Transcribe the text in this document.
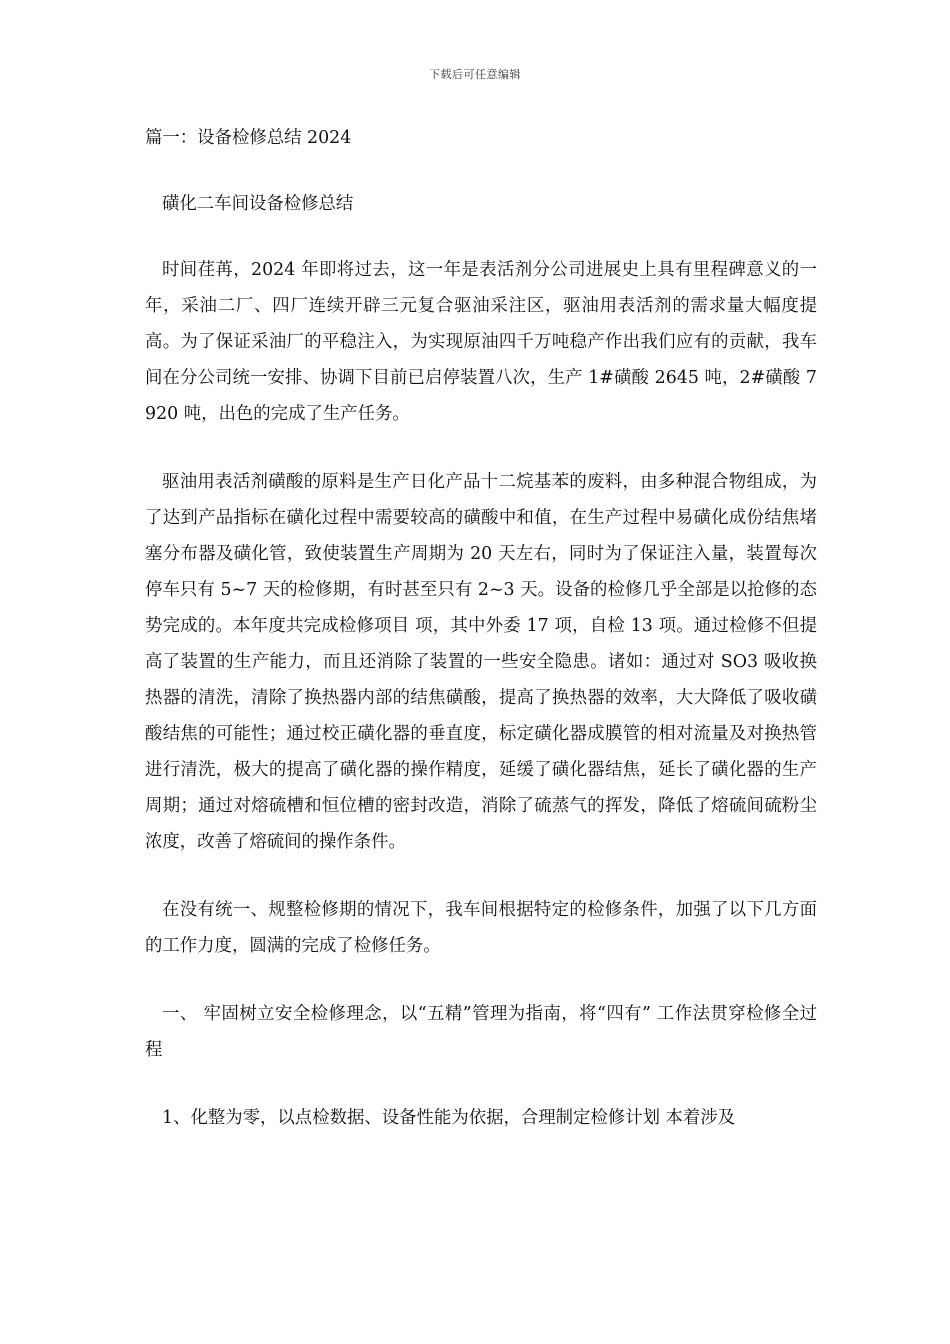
下载后可任意编辑

篇一：设备检修总结 2024

磺化二车间设备检修总结

时间荏苒，2024 年即将过去，这一年是表活剂分公司进展史上具有里程碑意义的一年，采油二厂、四厂连续开辟三元复合驱油采注区，驱油用表活剂的需求量大幅度提高。为了保证采油厂的平稳注入，为实现原油四千万吨稳产作出我们应有的贡献，我车间在分公司统一安排、协调下目前已启停装置八次，生产 1#磺酸 2645 吨，2#磺酸 7920 吨，出色的完成了生产任务。

驱油用表活剂磺酸的原料是生产日化产品十二烷基苯的废料，由多种混合物组成，为了达到产品指标在磺化过程中需要较高的磺酸中和值，在生产过程中易磺化成份结焦堵塞分布器及磺化管，致使装置生产周期为 20 天左右，同时为了保证注入量，装置每次停车只有 5~7 天的检修期，有时甚至只有 2~3 天。设备的检修几乎全部是以抢修的态势完成的。本年度共完成检修项目 项，其中外委 17 项，自检 13 项。通过检修不但提高了装置的生产能力，而且还消除了装置的一些安全隐患。诸如：通过对 SO3 吸收换热器的清洗，清除了换热器内部的结焦磺酸，提高了换热器的效率，大大降低了吸收磺酸结焦的可能性；通过校正磺化器的垂直度，标定磺化器成膜管的相对流量及对换热管进行清洗，极大的提高了磺化器的操作精度，延缓了磺化器结焦，延长了磺化器的生产周期；通过对熔硫槽和恒位槽的密封改造，消除了硫蒸气的挥发，降低了熔硫间硫粉尘浓度，改善了熔硫间的操作条件。

在没有统一、规整检修期的情况下，我车间根据特定的检修条件，加强了以下几方面的工作力度，圆满的完成了检修任务。

一、 牢固树立安全检修理念，以“五精”管理为指南，将“四有” 工作法贯穿检修全过程

1、化整为零，以点检数据、设备性能为依据，合理制定检修计划 本着涉及
